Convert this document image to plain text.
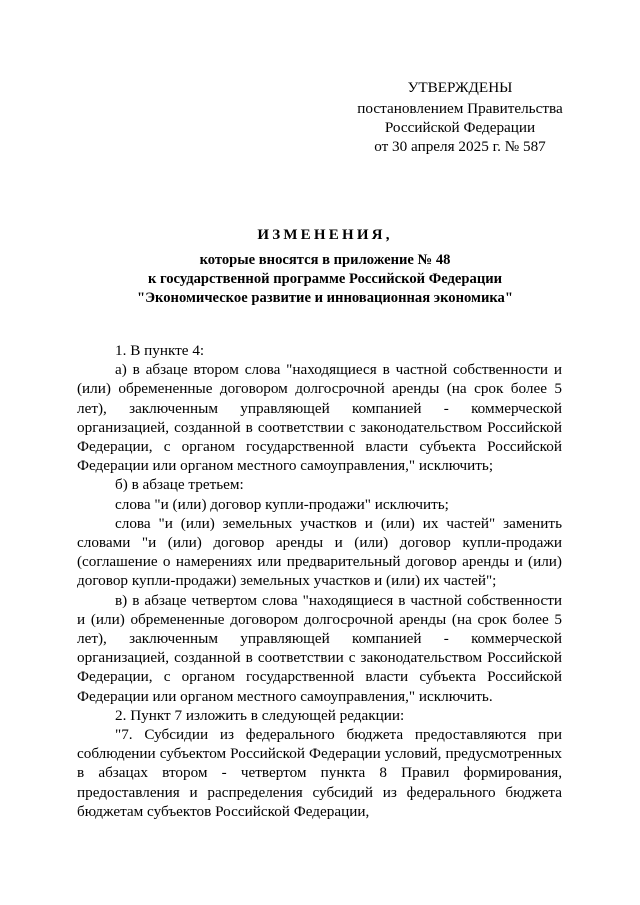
УТВЕРЖДЕНЫ
постановлением Правительства
Российской Федерации
от 30 апреля 2025 г. № 587
ИЗМЕНЕНИЯ,
которые вносятся в приложение № 48
к государственной программе Российской Федерации
"Экономическое развитие и инновационная экономика"

1. В пункте 4:

а) в абзаце втором слова "находящиеся в частной собственности и (или) обремененные договором долгосрочной аренды (на срок более 5 лет), заключенным управляющей компанией - коммерческой организацией, созданной в соответствии с законодательством Российской Федерации, с органом государственной власти субъекта Российской Федерации или органом местного самоуправления," исключить;

б) в абзаце третьем:

слова "и (или) договор купли-продажи" исключить;

слова "и (или) земельных участков и (или) их частей" заменить словами "и (или) договор аренды и (или) договор купли-продажи (соглашение о намерениях или предварительный договор аренды и (или) договор купли-продажи) земельных участков и (или) их частей";

в) в абзаце четвертом слова "находящиеся в частной собственности и (или) обремененные договором долгосрочной аренды (на срок более 5 лет), заключенным управляющей компанией - коммерческой организацией, созданной в соответствии с законодательством Российской Федерации, с органом государственной власти субъекта Российской Федерации или органом местного самоуправления," исключить.

2. Пункт 7 изложить в следующей редакции:

"7. Субсидии из федерального бюджета предоставляются при соблюдении субъектом Российской Федерации условий, предусмотренных в абзацах втором - четвертом пункта 8 Правил формирования, предоставления и распределения субсидий из федерального бюджета бюджетам субъектов Российской Федерации,
